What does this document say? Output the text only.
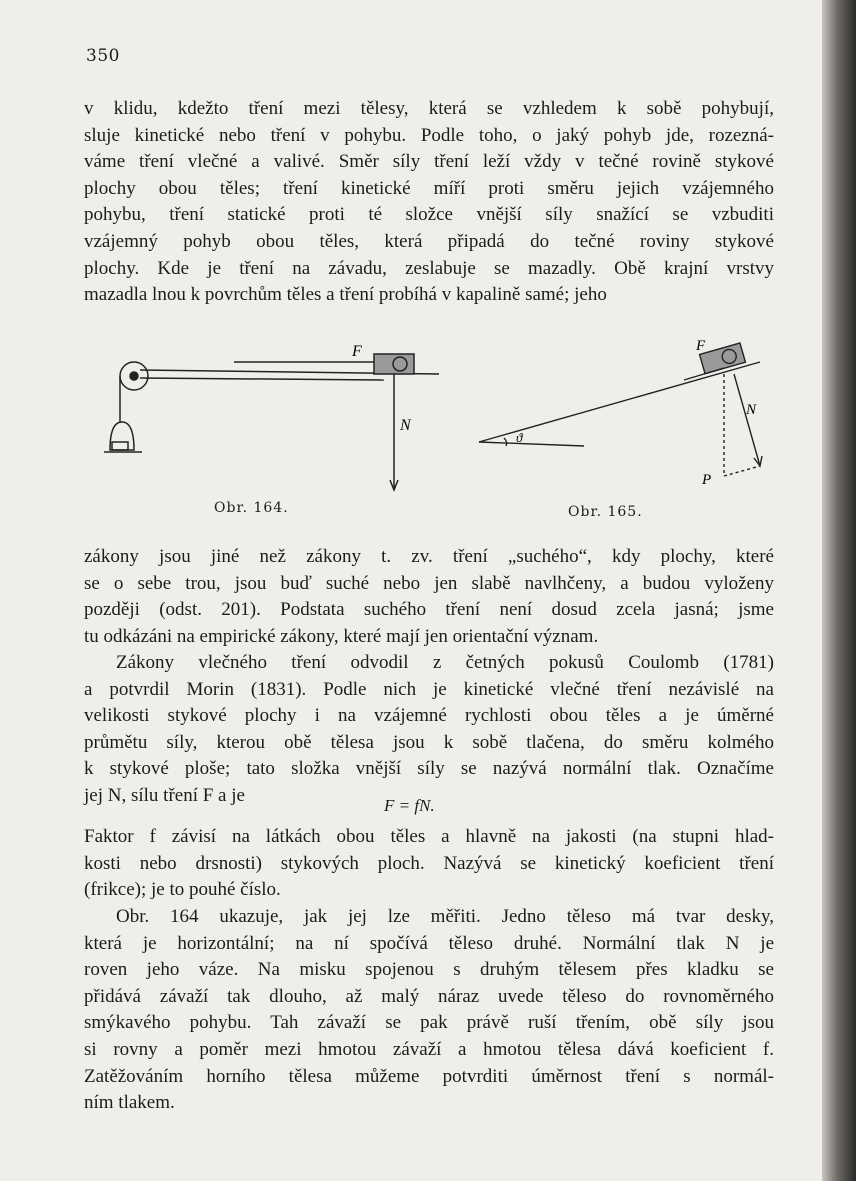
350
v klidu, kdežto tření mezi tělesy, která se vzhledem k sobě pohybují,
sluje kinetické nebo tření v pohybu. Podle toho, o jaký pohyb jde, rozezná-
váme tření vlečné a valivé. Směr síly tření leží vždy v tečné rovině stykové
plochy obou těles; tření kinetické míří proti směru jejich vzájemného
pohybu, tření statické proti té složce vnější síly snažící se vzbuditi
vzájemný pohyb obou těles, která připadá do tečné roviny stykové
plochy. Kde je tření na závadu, zeslabuje se mazadly. Obě krajní vrstvy
mazadla lnou k povrchům těles a tření probíhá v kapalině samé; jeho
F
N
F
N
P
ϑ
Obr. 164.	Obr. 165.
zákony jsou jiné než zákony t. zv. tření „suchého“, kdy plochy, které
se o sebe trou, jsou buď suché nebo jen slabě navlhčeny, a budou vyloženy
později (odst. 201). Podstata suchého tření není dosud zcela jasná; jsme
tu odkázáni na empirické zákony, které mají jen orientační význam.
Zákony vlečného tření odvodil z četných pokusů Coulomb (1781)
a potvrdil Morin (1831). Podle nich je kinetické vlečné tření nezávislé na
velikosti stykové plochy i na vzájemné rychlosti obou těles a je úměrné
průmětu síly, kterou obě tělesa jsou k sobě tlačena, do směru kolmého
k stykové ploše; tato složka vnější síly se nazývá normální tlak. Označíme
jej N, sílu tření F a je	F = fN.
Faktor f závisí na látkách obou těles a hlavně na jakosti (na stupni hlad-
kosti nebo drsnosti) stykových ploch. Nazývá se kinetický koeficient tření
(frikce); je to pouhé číslo.
Obr. 164 ukazuje, jak jej lze měřiti. Jedno těleso má tvar desky,
která je horizontální; na ní spočívá těleso druhé. Normální tlak N je
roven jeho váze. Na misku spojenou s druhým tělesem přes kladku se
přidává závaží tak dlouho, až malý náraz uvede těleso do rovnoměrného
smýkavého pohybu. Tah závaží se pak právě ruší třením, obě síly jsou
si rovny a poměr mezi hmotou závaží a hmotou tělesa dává koeficient f.
Zatěžováním horního tělesa můžeme potvrditi úměrnost tření s normál-
ním tlakem.
